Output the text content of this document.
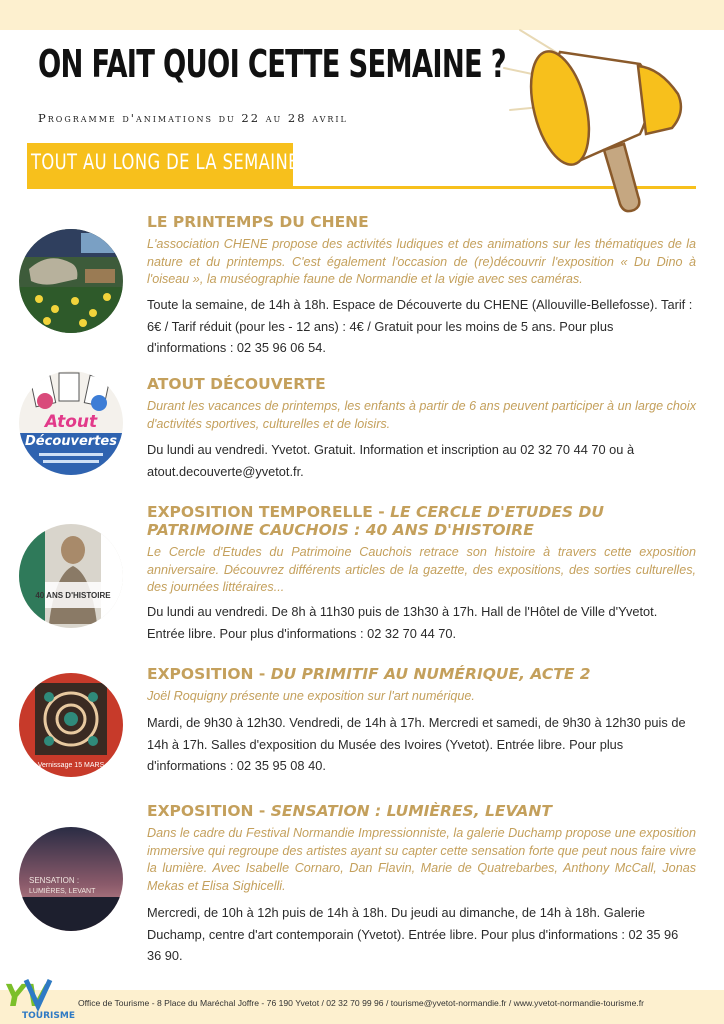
ON FAIT QUOI CETTE SEMAINE ?
Programme d'animations du 22 au 28 avril
TOUT AU LONG DE LA SEMAINE
LE PRINTEMPS DU CHENE
L'association CHENE propose des activités ludiques et des animations sur les thématiques de la nature et du printemps. C'est également l'occasion de (re)découvrir l'exposition « Du Dino à l'oiseau », la muséographie faune de Normandie et la vigie avec ses caméras.
Toute la semaine, de 14h à 18h. Espace de Découverte du CHENE (Allouville-Bellefosse). Tarif : 6€ / Tarif réduit (pour les - 12 ans) : 4€ / Gratuit pour les moins de 5 ans. Pour plus d'informations : 02 35 96 06 54.
Atout
Découvertes
ATOUT DÉCOUVERTE
Durant les vacances de printemps, les enfants à partir de 6 ans peuvent participer à un large choix d'activités sportives, culturelles et de loisirs.
Du lundi au vendredi. Yvetot. Gratuit. Information et inscription au 02 32 70 44 70 ou à atout.decouverte@yvetot.fr.
40 ANS D'HISTOIRE
EXPOSITION TEMPORELLE - LE CERCLE D'ETUDES DU PATRIMOINE CAUCHOIS : 40 ANS D'HISTOIRE
Le Cercle d'Etudes du Patrimoine Cauchois retrace son histoire à travers cette exposition anniversaire. Découvrez différents articles de la gazette, des expositions, des sorties culturelles, des journées littéraires...
Du lundi au vendredi. De 8h à 11h30 puis de 13h30 à 17h. Hall de l'Hôtel de Ville d'Yvetot. Entrée libre. Pour plus d'informations : 02 32 70 44 70.
Vernissage 15 MARS
EXPOSITION - DU PRIMITIF AU NUMÉRIQUE, ACTE 2
Joël Roquigny présente une exposition sur l'art numérique.
Mardi, de 9h30 à 12h30. Vendredi, de 14h à 17h. Mercredi et samedi, de 9h30 à 12h30 puis de 14h à 17h. Salles d'exposition du Musée des Ivoires (Yvetot). Entrée libre. Pour plus d'informations : 02 35 95 08 40.
SENSATION :
LUMIÈRES, LEVANT
EXPOSITION - SENSATION : LUMIÈRES, LEVANT
Dans le cadre du Festival Normandie Impressionniste, la galerie Duchamp propose une exposition immersive qui regroupe des artistes ayant su capter cette sensation forte que peut nous faire vivre la lumière. Avec Isabelle Cornaro, Dan Flavin, Marie de Quatrebarbes, Anthony McCall, Jonas Mekas et Elisa Sighicelli.
Mercredi, de 10h à 12h puis de 14h à 18h. Du jeudi au dimanche, de 14h à 18h. Galerie Duchamp, centre d'art contemporain (Yvetot). Entrée libre. Pour plus d'informations : 02 35 96 36 90.
YV
TOURISME
Office de Tourisme - 8 Place du Maréchal Joffre - 76 190 Yvetot / 02 32 70 99 96 / tourisme@yvetot-normandie.fr / www.yvetot-normandie-tourisme.fr
